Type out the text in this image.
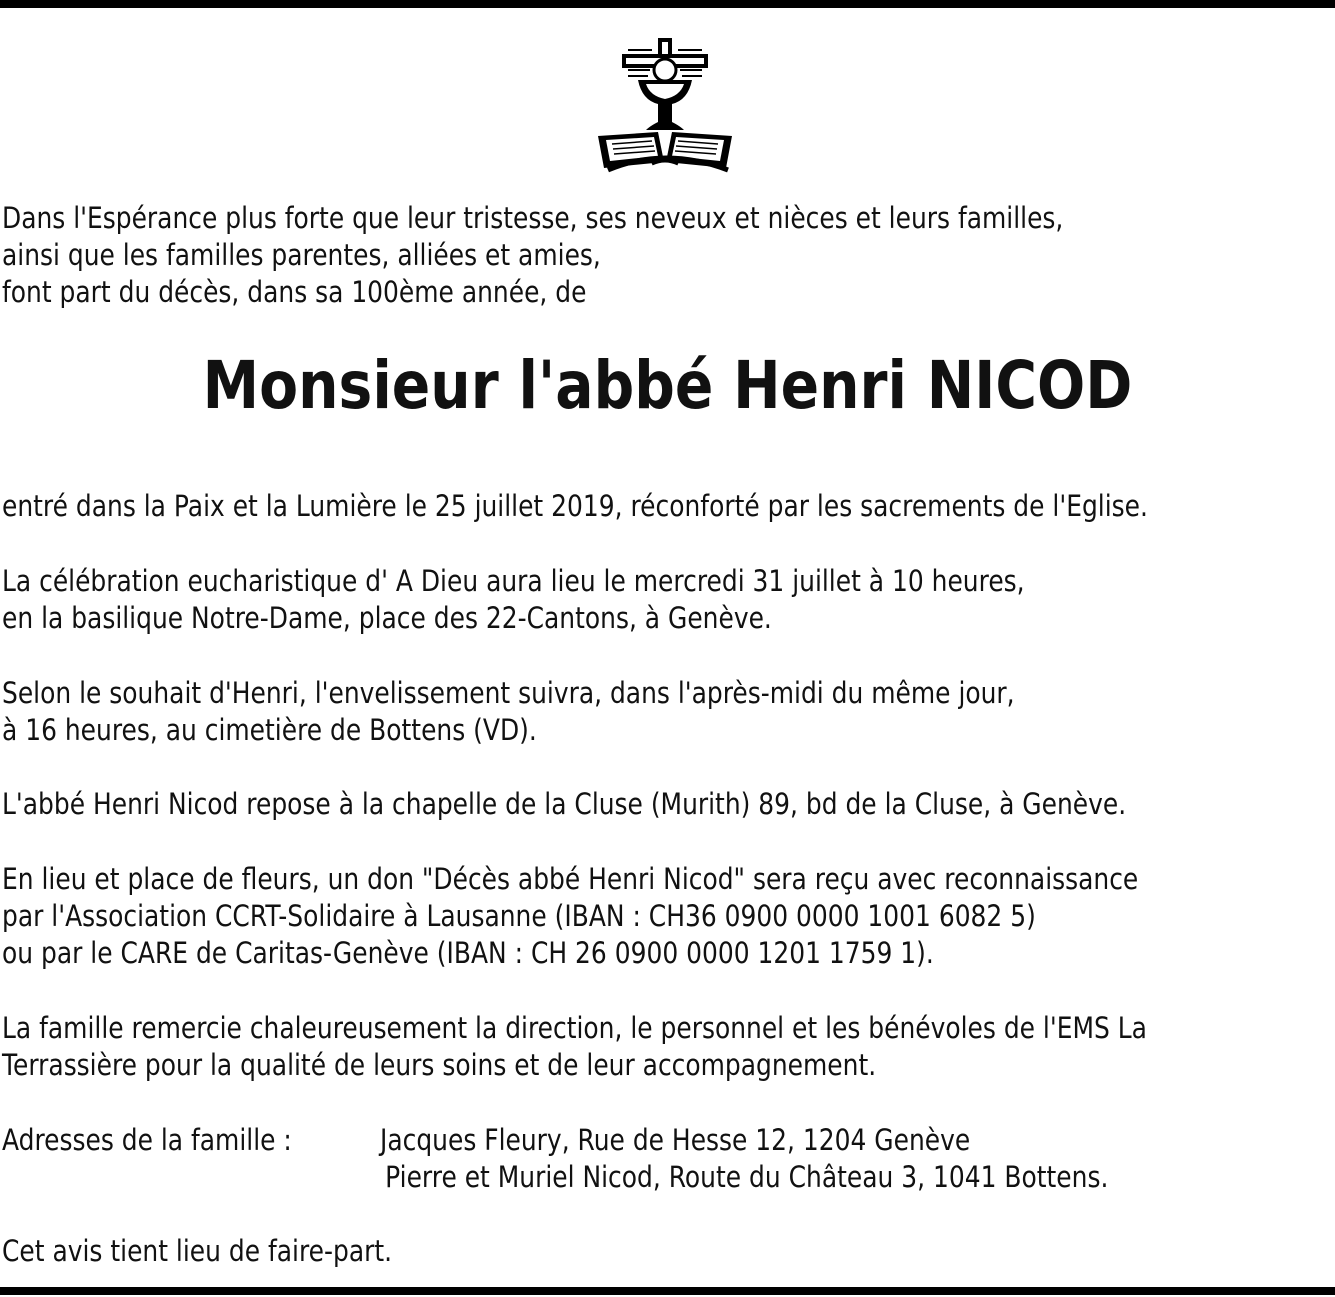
Dans l'Espérance plus forte que leur tristesse, ses neveux et nièces et leurs familles,
ainsi que les familles parentes, alliées et amies,
font part du décès, dans sa 100ème année, de
Monsieur l'abbé Henri NICOD
entré dans la Paix et la Lumière le 25 juillet 2019, réconforté par les sacrements de l'Eglise.
La célébration eucharistique d' A Dieu aura lieu le mercredi 31 juillet à 10 heures,
en la basilique Notre-Dame, place des 22-Cantons, à Genève.
Selon le souhait d'Henri, l'envelissement suivra, dans l'après-midi du même jour,
à 16 heures, au cimetière de Bottens (VD).
L'abbé Henri Nicod repose à la chapelle de la Cluse (Murith) 89, bd de la Cluse, à Genève.
En lieu et place de fleurs, un don "Décès abbé Henri Nicod" sera reçu avec reconnaissance
par l'Association CCRT-Solidaire à Lausanne (IBAN : CH36 0900 0000 1001 6082 5)
ou par le CARE de Caritas-Genève (IBAN : CH 26 0900 0000 1201 1759 1).
La famille remercie chaleureusement la direction, le personnel et les bénévoles de l'EMS La
Terrassière pour la qualité de leurs soins et de leur accompagnement.
Adresses de la famille :	Jacques Fleury, Rue de Hesse 12, 1204 Genève
Pierre et Muriel Nicod, Route du Château 3, 1041 Bottens.
Cet avis tient lieu de faire-part.
